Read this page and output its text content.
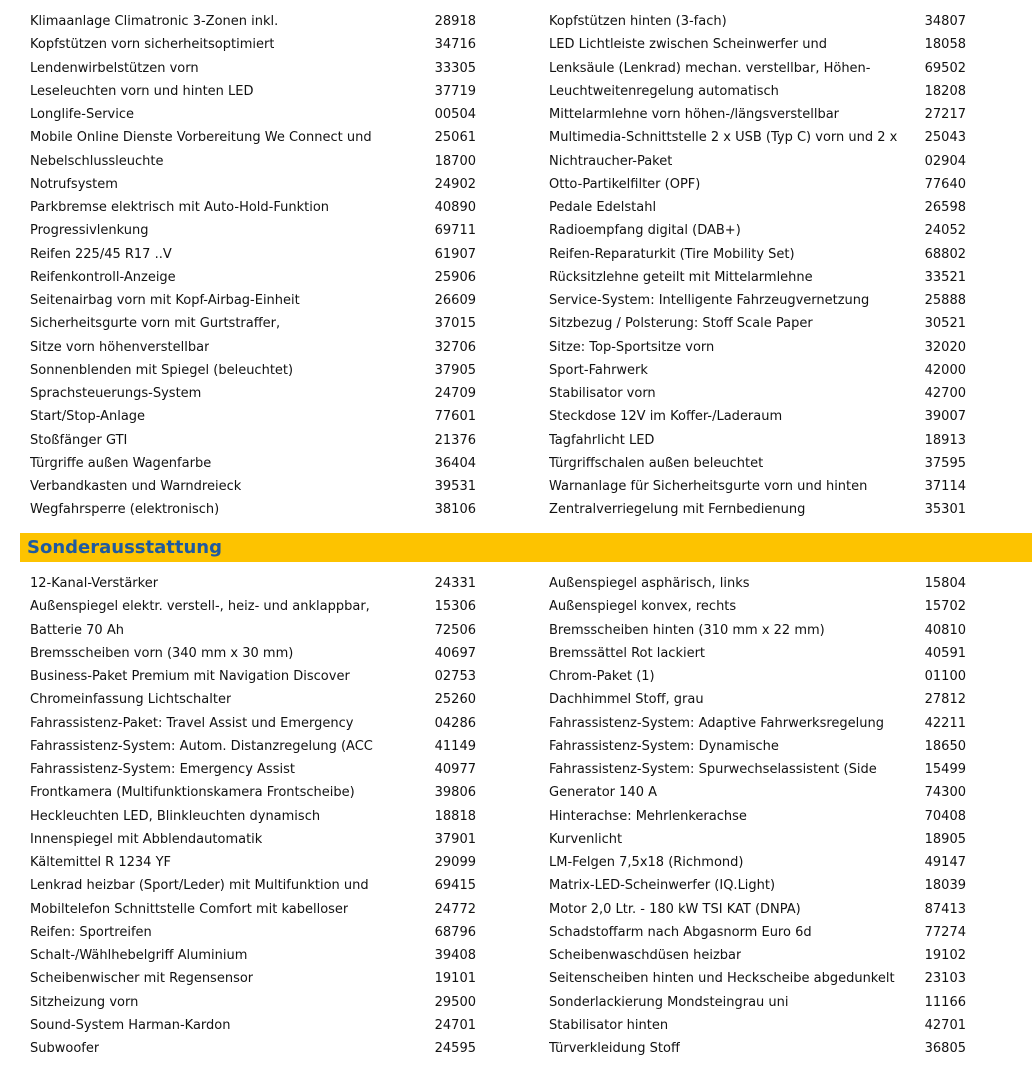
Klimaanlage Climatronic 3-Zonen inkl.	28918
Kopfstützen vorn sicherheitsoptimiert	34716
Lendenwirbelstützen vorn	33305
Leseleuchten vorn und hinten LED	37719
Longlife-Service	00504
Mobile Online Dienste Vorbereitung We Connect und	25061
Nebelschlussleuchte	18700
Notrufsystem	24902
Parkbremse elektrisch mit Auto-Hold-Funktion	40890
Progressivlenkung	69711
Reifen 225/45 R17 ..V	61907
Reifenkontroll-Anzeige	25906
Seitenairbag vorn mit Kopf-Airbag-Einheit	26609
Sicherheitsgurte vorn mit Gurtstraffer,	37015
Sitze vorn höhenverstellbar	32706
Sonnenblenden mit Spiegel (beleuchtet)	37905
Sprachsteuerungs-System	24709
Start/Stop-Anlage	77601
Stoßfänger GTI	21376
Türgriffe außen Wagenfarbe	36404
Verbandkasten und Warndreieck	39531
Wegfahrsperre (elektronisch)	38106
Kopfstützen hinten (3-fach)	34807
LED Lichtleiste zwischen Scheinwerfer und	18058
Lenksäule (Lenkrad) mechan. verstellbar, Höhen-	69502
Leuchtweitenregelung automatisch	18208
Mittelarmlehne vorn höhen-/längsverstellbar	27217
Multimedia-Schnittstelle 2 x USB (Typ C) vorn und 2 x 25043
Nichtraucher-Paket	02904
Otto-Partikelfilter (OPF)	77640
Pedale Edelstahl	26598
Radioempfang digital (DAB+)	24052
Reifen-Reparaturkit (Tire Mobility Set)	68802
Rücksitzlehne geteilt mit Mittelarmlehne	33521
Service-System: Intelligente Fahrzeugvernetzung	25888
Sitzbezug / Polsterung: Stoff Scale Paper	30521
Sitze: Top-Sportsitze vorn	32020
Sport-Fahrwerk	42000
Stabilisator vorn	42700
Steckdose 12V im Koffer-/Laderaum	39007
Tagfahrlicht LED	18913
Türgriffschalen außen beleuchtet	37595
Warnanlage für Sicherheitsgurte vorn und hinten	37114
Zentralverriegelung mit Fernbedienung	35301
Sonderausstattung
12-Kanal-Verstärker	24331
Außenspiegel elektr. verstell-, heiz- und anklappbar,	15306
Batterie 70 Ah	72506
Bremsscheiben vorn (340 mm x 30 mm)	40697
Business-Paket Premium mit Navigation Discover	02753
Chromeinfassung Lichtschalter	25260
Fahrassistenz-Paket: Travel Assist und Emergency	04286
Fahrassistenz-System: Autom. Distanzregelung (ACC	41149
Fahrassistenz-System: Emergency Assist	40977
Frontkamera (Multifunktionskamera Frontscheibe)	39806
Heckleuchten LED, Blinkleuchten dynamisch	18818
Innenspiegel mit Abblendautomatik	37901
Kältemittel R 1234 YF	29099
Lenkrad heizbar (Sport/Leder) mit Multifunktion und	69415
Mobiltelefon Schnittstelle Comfort mit kabelloser	24772
Reifen: Sportreifen	68796
Schalt-/Wählhebelgriff Aluminium	39408
Scheibenwischer mit Regensensor	19101
Sitzheizung vorn	29500
Sound-System Harman-Kardon	24701
Subwoofer	24595
Außenspiegel asphärisch, links	15804
Außenspiegel konvex, rechts	15702
Bremsscheiben hinten (310 mm x 22 mm)	40810
Bremssättel Rot lackiert	40591
Chrom-Paket (1)	01100
Dachhimmel Stoff, grau	27812
Fahrassistenz-System: Adaptive Fahrwerksregelung	42211
Fahrassistenz-System: Dynamische	18650
Fahrassistenz-System: Spurwechselassistent (Side	15499
Generator 140 A	74300
Hinterachse: Mehrlenkerachse	70408
Kurvenlicht	18905
LM-Felgen 7,5x18 (Richmond)	49147
Matrix-LED-Scheinwerfer (IQ.Light)	18039
Motor 2,0 Ltr. - 180 kW TSI KAT (DNPA)	87413
Schadstoffarm nach Abgasnorm Euro 6d	77274
Scheibenwaschdüsen heizbar	19102
Seitenscheiben hinten und Heckscheibe abgedunkelt 23103
Sonderlackierung Mondsteingrau uni	11166
Stabilisator hinten	42701
Türverkleidung Stoff	36805
